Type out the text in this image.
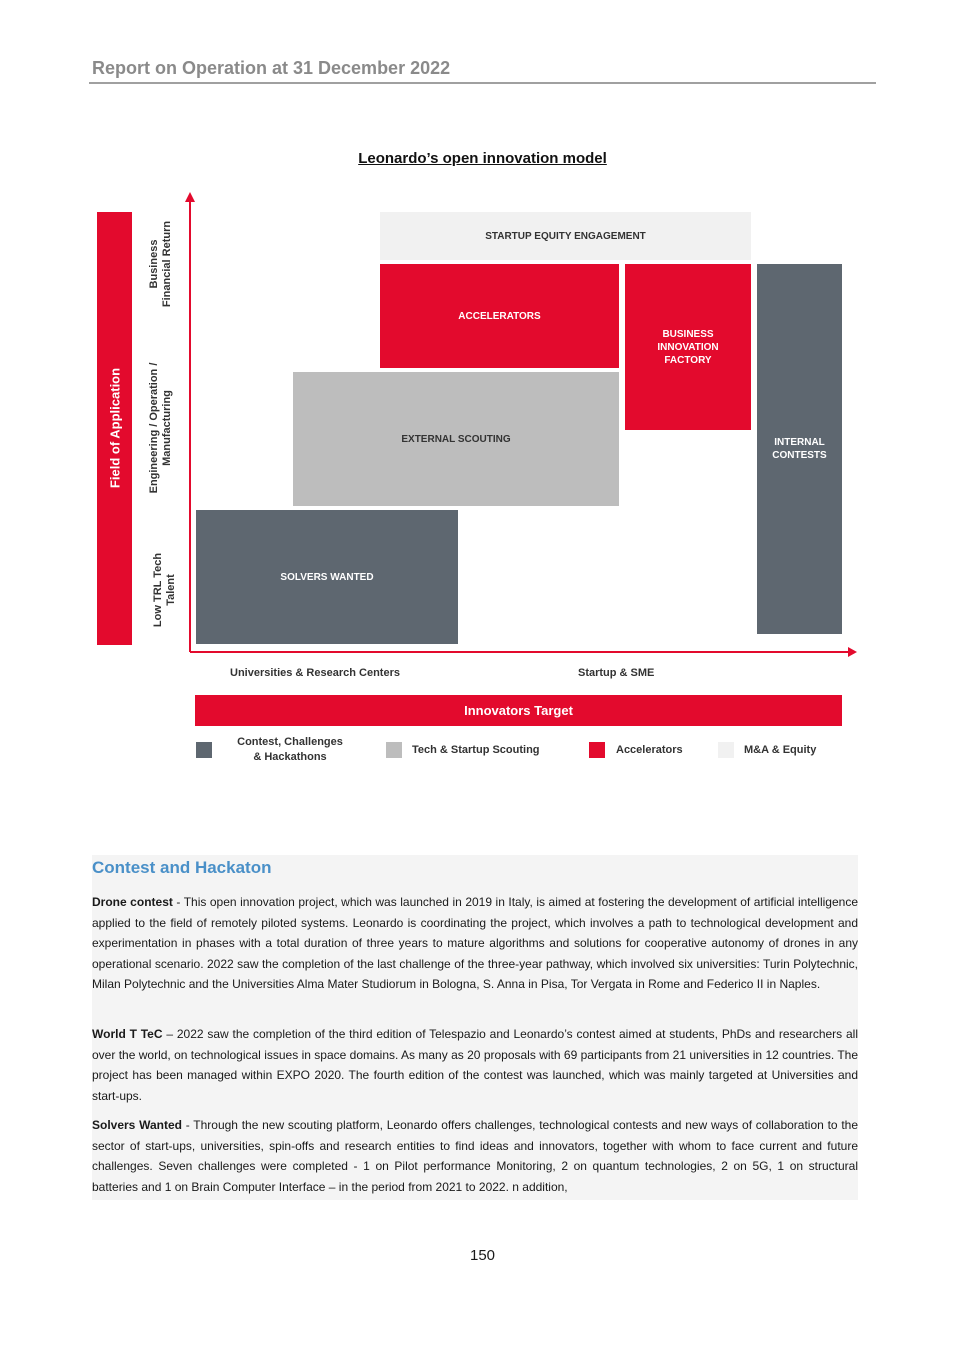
Report on Operation at 31 December 2022
Leonardo’s open innovation model
Field of Application
Business Financial Return
Engineering / Operation / Manufacturing
Low TRL Tech Talent
STARTUP EQUITY ENGAGEMENT
ACCELERATORS
BUSINESS
INNOVATION
FACTORY
EXTERNAL SCOUTING	INTERNAL
CONTESTS
SOLVERS WANTED
Universities & Research Centers	Startup & SME
Innovators Target
Contest, Challenges
& Hackathons
Tech & Startup Scouting	Accelerators	M&A & Equity
Contest and Hackaton
Drone contest - This open innovation project, which was launched in 2019 in Italy, is aimed at fostering the development of artificial intelligence applied to the field of remotely piloted systems. Leonardo is coordinating the project, which involves a path to technological development and experimentation in phases with a total duration of three years to mature algorithms and solutions for cooperative autonomy of drones in any operational scenario. 2022 saw the completion of the last challenge of the three-year pathway, which involved six universities: Turin Polytechnic, Milan Polytechnic and the Universities Alma Mater Studiorum in Bologna, S. Anna in Pisa, Tor Vergata in Rome and Federico II in Naples.
World T TeC – 2022 saw the completion of the third edition of Telespazio and Leonardo’s contest aimed at students, PhDs and researchers all over the world, on technological issues in space domains. As many as 20 proposals with 69 participants from 21 universities in 12 countries. The project has been managed within EXPO 2020. The fourth edition of the contest was launched, which was mainly targeted at Universities and start-ups.
Solvers Wanted - Through the new scouting platform, Leonardo offers challenges, technological contests and new ways of collaboration to the sector of start-ups, universities, spin-offs and research entities to find ideas and innovators, together with whom to face current and future challenges. Seven challenges were completed - 1 on Pilot performance Monitoring, 2 on quantum technologies, 2 on 5G, 1 on structural batteries and 1 on Brain Computer Interface – in the period from 2021 to 2022. n addition,
150
